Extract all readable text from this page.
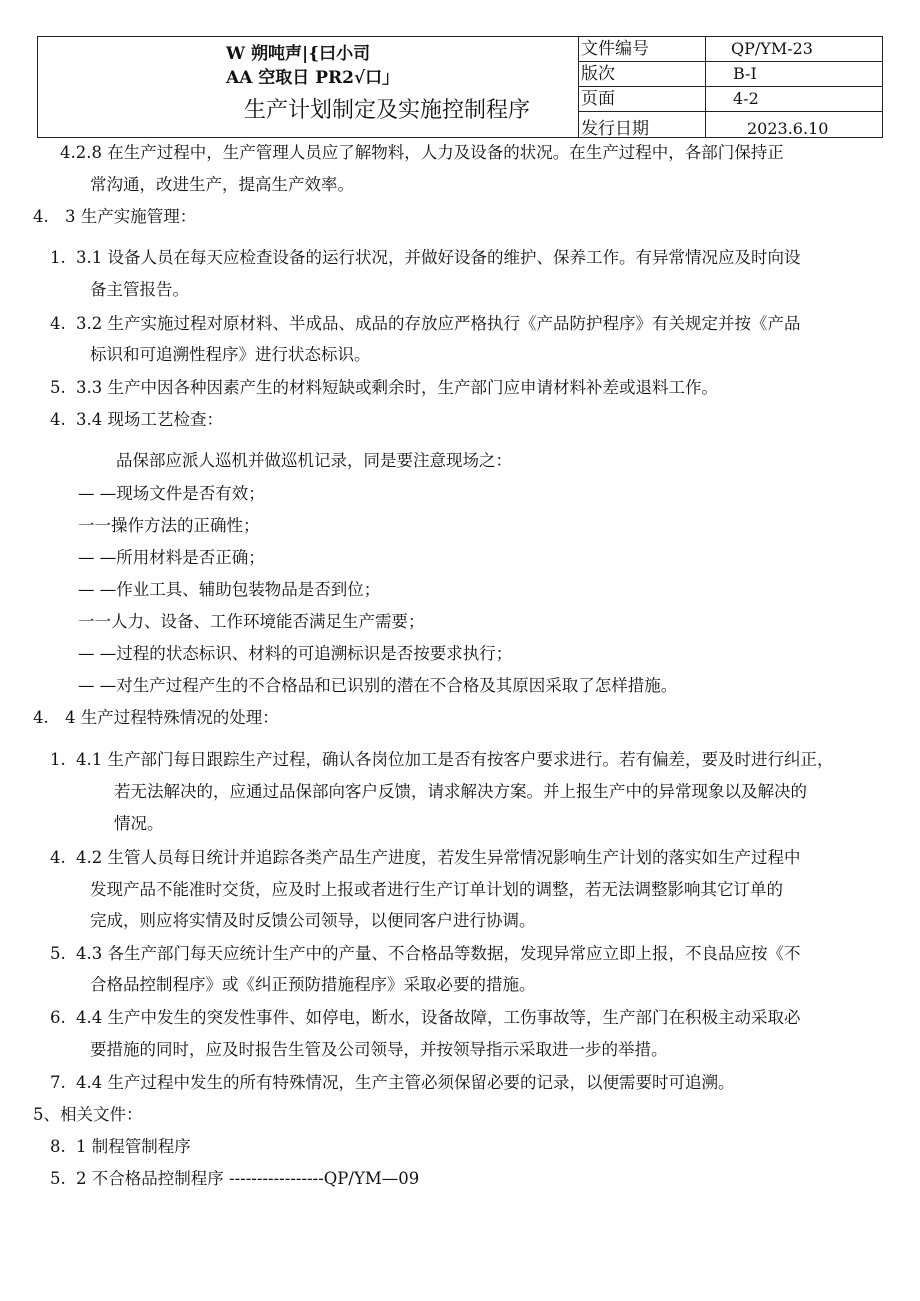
W 朔吨声|{曰小司
AA 空取日 PR2√口」
生产计划制定及实施控制程序
文件编号	QP/YM-23
版次	B-I
页面	4-2
发行日期	2023.6.10
4.2.8 在生产过程中，生产管理人员应了解物料，人力及设备的状况。在生产过程中，各部门保持正
常沟通，改进生产，提高生产效率。
4. 3 生产实施管理：
1. 3.1 设备人员在每天应检查设备的运行状况，并做好设备的维护、保养工作。有异常情况应及时向设
备主管报告。
4. 3.2 生产实施过程对原材料、半成品、成品的存放应严格执行《产品防护程序》有关规定并按《产品
标识和可追溯性程序》进行状态标识。
5. 3.3 生产中因各种因素产生的材料短缺或剩余时，生产部门应申请材料补差或退料工作。
4. 3.4 现场工艺检查：
品保部应派人巡机并做巡机记录，同是要注意现场之：
— —现场文件是否有效；
一一操作方法的正确性；
— —所用材料是否正确；
— —作业工具、辅助包装物品是否到位；
一一人力、设备、工作环境能否满足生产需要；
— —过程的状态标识、材料的可追溯标识是否按要求执行；
— —对生产过程产生的不合格品和已识别的潜在不合格及其原因采取了怎样措施。
4. 4 生产过程特殊情况的处理：
1. 4.1 生产部门每日跟踪生产过程，确认各岗位加工是否有按客户要求进行。若有偏差，要及时进行纠正，
若无法解决的，应通过品保部向客户反馈，请求解决方案。并上报生产中的异常现象以及解决的
情况。
4. 4.2 生管人员每日统计并追踪各类产品生产进度，若发生异常情况影响生产计划的落实如生产过程中
发现产品不能准时交货，应及时上报或者进行生产订单计划的调整，若无法调整影响其它订单的
完成，则应将实情及时反馈公司领导，以便同客户进行协调。
5. 4.3 各生产部门每天应统计生产中的产量、不合格品等数据，发现异常应立即上报，不良品应按《不
合格品控制程序》或《纠正预防措施程序》采取必要的措施。
6. 4.4 生产中发生的突发性事件、如停电，断水，设备故障，工伤事故等，生产部门在积极主动采取必
要措施的同时，应及时报告生管及公司领导，并按领导指示采取进一步的举措。
7. 4.4 生产过程中发生的所有特殊情况，生产主管必须保留必要的记录，以便需要时可追溯。
5、相关文件：
8. 1 制程管制程序
5. 2 不合格品控制程序 -----------------QP/YM—09
